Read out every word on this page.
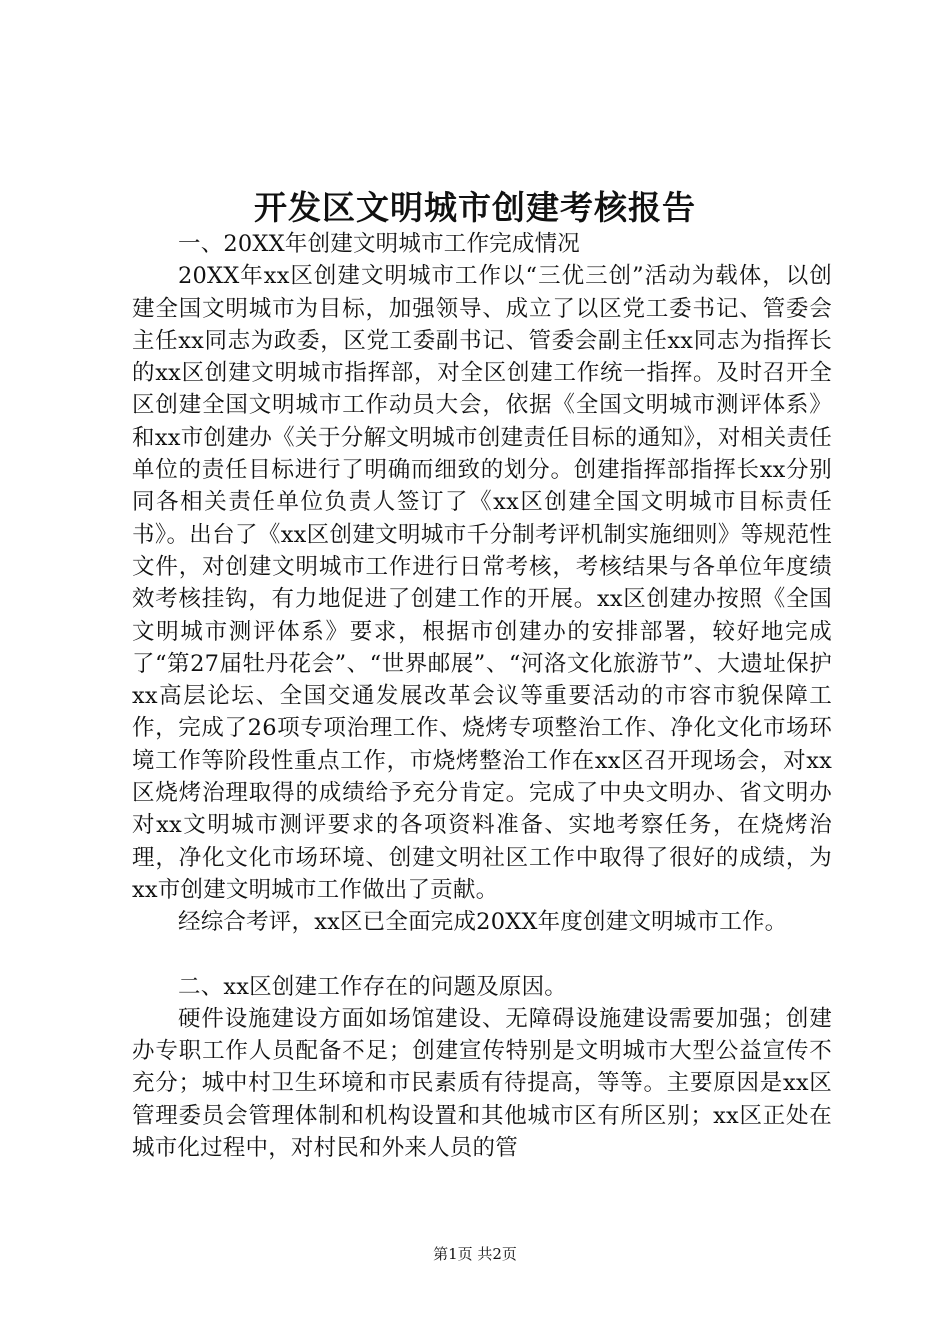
开发区文明城市创建考核报告

一、20XX年创建文明城市工作完成情况

20XX年xx区创建文明城市工作以“三优三创”活动为载体，以创建全国文明城市为目标，加强领导、成立了以区党工委书记、管委会主任xx同志为政委，区党工委副书记、管委会副主任xx同志为指挥长的xx区创建文明城市指挥部，对全区创建工作统一指挥。及时召开全区创建全国文明城市工作动员大会，依据《全国文明城市测评体系》和xx市创建办《关于分解文明城市创建责任目标的通知》，对相关责任单位的责任目标进行了明确而细致的划分。创建指挥部指挥长xx分别同各相关责任单位负责人签订了《xx区创建全国文明城市目标责任书》。出台了《xx区创建文明城市千分制考评机制实施细则》等规范性文件，对创建文明城市工作进行日常考核，考核结果与各单位年度绩效考核挂钩，有力地促进了创建工作的开展。xx区创建办按照《全国文明城市测评体系》要求，根据市创建办的安排部署，较好地完成了“第27届牡丹花会”、“世界邮展”、“河洛文化旅游节”、大遗址保护xx高层论坛、全国交通发展改革会议等重要活动的市容市貌保障工作，完成了26项专项治理工作、烧烤专项整治工作、净化文化市场环境工作等阶段性重点工作，市烧烤整治工作在xx区召开现场会，对xx区烧烤治理取得的成绩给予充分肯定。完成了中央文明办、省文明办对xx文明城市测评要求的各项资料准备、实地考察任务，在烧烤治理，净化文化市场环境、创建文明社区工作中取得了很好的成绩，为xx市创建文明城市工作做出了贡献。

经综合考评，xx区已全面完成20XX年度创建文明城市工作。

二、xx区创建工作存在的问题及原因。

硬件设施建设方面如场馆建设、无障碍设施建设需要加强；创建办专职工作人员配备不足；创建宣传特别是文明城市大型公益宣传不充分；城中村卫生环境和市民素质有待提高，等等。主要原因是xx区管理委员会管理体制和机构设置和其他城市区有所区别；xx区正处在城市化过程中，对村民和外来人员的管

第1页 共2页
